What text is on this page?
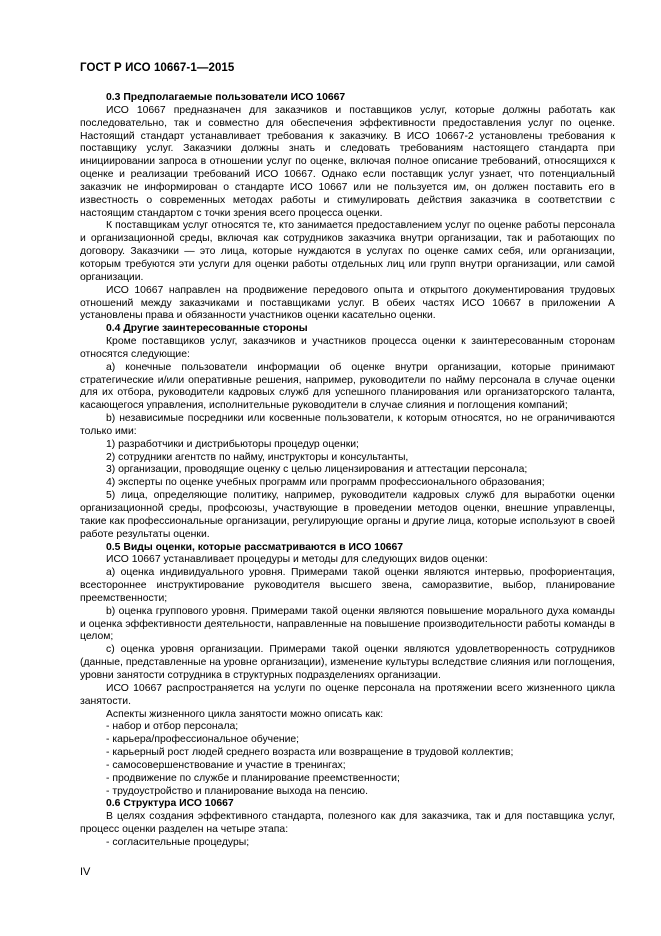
ГОСТ Р ИСО 10667-1—2015

0.3 Предполагаемые пользователи ИСО 10667

ИСО 10667 предназначен для заказчиков и поставщиков услуг, которые должны работать как последовательно, так и совместно для обеспечения эффективности предоставления услуг по оценке. Настоящий стандарт устанавливает требования к заказчику. В ИСО 10667-2 установлены требования к поставщику услуг. Заказчики должны знать и следовать требованиям настоящего стандарта при инициировании запроса в отношении услуг по оценке, включая полное описание требований, относящихся к оценке и реализации требований ИСО 10667. Однако если поставщик услуг узнает, что потенциальный заказчик не информирован о стандарте ИСО 10667 или не пользуется им, он должен поставить его в известность о современных методах работы и стимулировать действия заказчика в соответствии с настоящим стандартом с точки зрения всего процесса оценки.

К поставщикам услуг относятся те, кто занимается предоставлением услуг по оценке работы персонала и организационной среды, включая как сотрудников заказчика внутри организации, так и работающих по договору. Заказчики — это лица, которые нуждаются в услугах по оценке самих себя, или организации, которым требуются эти услуги для оценки работы отдельных лиц или групп внутри организации, или самой организации.

ИСО 10667 направлен на продвижение передового опыта и открытого документирования трудовых отношений между заказчиками и поставщиками услуг. В обеих частях ИСО 10667 в приложении А установлены права и обязанности участников оценки касательно оценки.

0.4 Другие заинтересованные стороны

Кроме поставщиков услуг, заказчиков и участников процесса оценки к заинтересованным сторонам относятся следующие:

a) конечные пользователи информации об оценке внутри организации, которые принимают стратегические и/или оперативные решения, например, руководители по найму персонала в случае оценки для их отбора, руководители кадровых служб для успешного планирования или организаторского таланта, касающегося управления, исполнительные руководители в случае слияния и поглощения компаний;

b) независимые посредники или косвенные пользователи, к которым относятся, но не ограничиваются только ими:

1) разработчики и дистрибьюторы процедур оценки;

2) сотрудники агентств по найму, инструкторы и консультанты,

3) организации, проводящие оценку с целью лицензирования и аттестации персонала;

4) эксперты по оценке учебных программ или программ профессионального образования;

5) лица, определяющие политику, например, руководители кадровых служб для выработки оценки организационной среды, профсоюзы, участвующие в проведении методов оценки, внешние управленцы, такие как профессиональные организации, регулирующие органы и другие лица, которые используют в своей работе результаты оценки.

0.5 Виды оценки, которые рассматриваются в ИСО 10667

ИСО 10667 устанавливает процедуры и методы для следующих видов оценки:

a) оценка индивидуального уровня. Примерами такой оценки являются интервью, профориентация, всестороннее инструктирование руководителя высшего звена, саморазвитие, выбор, планирование преемственности;

b) оценка группового уровня. Примерами такой оценки являются повышение морального духа команды и оценка эффективности деятельности, направленные на повышение производительности работы команды в целом;

c) оценка уровня организации. Примерами такой оценки являются удовлетворенность сотрудников (данные, представленные на уровне организации), изменение культуры вследствие слияния или поглощения, уровни занятости сотрудника в структурных подразделениях организации.

ИСО 10667 распространяется на услуги по оценке персонала на протяжении всего жизненного цикла занятости.

Аспекты жизненного цикла занятости можно описать как:

- набор и отбор персонала;

- карьера/профессиональное обучение;

- карьерный рост людей среднего возраста или возвращение в трудовой коллектив;

- самосовершенствование и участие в тренингах;

- продвижение по службе и планирование преемственности;

- трудоустройство и планирование выхода на пенсию.

0.6 Структура ИСО 10667

В целях создания эффективного стандарта, полезного как для заказчика, так и для поставщика услуг, процесс оценки разделен на четыре этапа:

- согласительные процедуры;

IV
